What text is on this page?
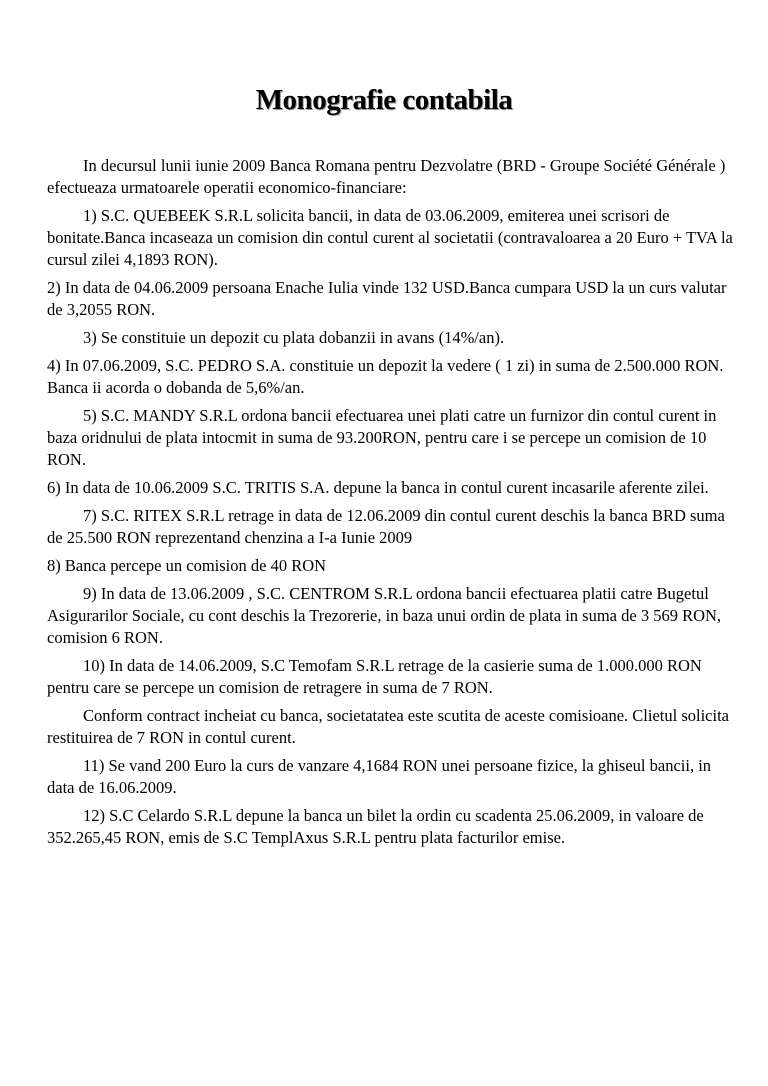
Monografie contabila

In decursul lunii iunie 2009 Banca Romana pentru Dezvolatre (BRD - Groupe Société Générale ) efectueaza urmatoarele operatii economico-financiare:

1) S.C. QUEBEEK S.R.L solicita bancii, in data de 03.06.2009, emiterea unei scrisori de bonitate.Banca incaseaza un comision din contul curent al societatii (contravaloarea a 20 Euro + TVA la cursul zilei 4,1893 RON).

2) In data de 04.06.2009 persoana Enache Iulia vinde 132 USD.Banca cumpara USD la un curs valutar de 3,2055 RON.

3) Se constituie un depozit cu plata dobanzii in avans (14%/an).

4) In 07.06.2009, S.C. PEDRO S.A. constituie un depozit la vedere ( 1 zi) in suma de 2.500.000 RON. Banca ii acorda o dobanda de 5,6%/an.

5) S.C. MANDY S.R.L ordona bancii efectuarea unei plati catre un furnizor din contul curent in baza oridnului de plata intocmit in suma de 93.200RON, pentru care i se percepe un comision de 10 RON.

6) In data de 10.06.2009 S.C. TRITIS S.A. depune la banca in contul curent incasarile aferente zilei.

7) S.C. RITEX S.R.L retrage in data de 12.06.2009 din contul curent deschis la banca BRD suma de 25.500 RON reprezentand chenzina a I-a Iunie 2009

8) Banca percepe un comision de 40 RON

9) In data de 13.06.2009 , S.C. CENTROM S.R.L ordona bancii efectuarea platii catre Bugetul Asigurarilor Sociale, cu cont deschis la Trezorerie, in baza unui ordin de plata in suma de 3 569 RON, comision 6 RON.

10) In data de 14.06.2009, S.C Temofam S.R.L retrage de la casierie suma de 1.000.000 RON pentru care se percepe un comision de retragere in suma de 7 RON.

Conform contract incheiat cu banca, societatatea este scutita de aceste comisioane. Clietul solicita restituirea de 7 RON in contul curent.

11) Se vand 200 Euro la curs de vanzare 4,1684 RON unei persoane fizice, la ghiseul bancii, in data de 16.06.2009.

12) S.C Celardo S.R.L depune la banca un bilet la ordin cu scadenta 25.06.2009, in valoare de 352.265,45 RON, emis de S.C TemplAxus S.R.L pentru plata facturilor emise.
